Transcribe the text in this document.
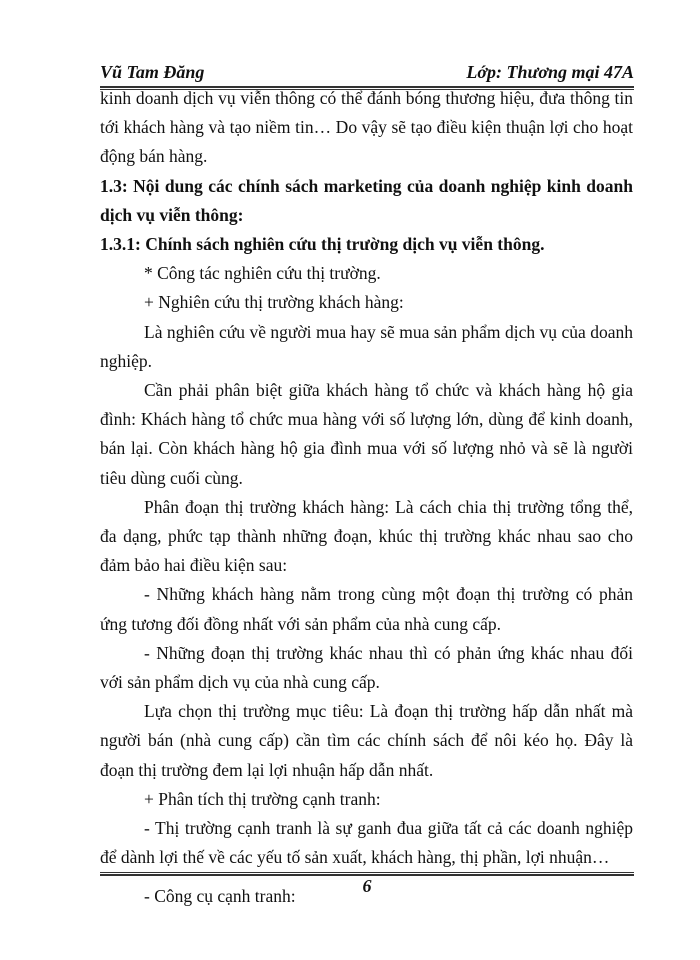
Vũ Tam Đăng	Lớp: Thương mại 47A

kinh doanh dịch vụ viễn thông có thể đánh bóng thương hiệu, đưa thông tin tới khách hàng và tạo niềm tin… Do vậy sẽ tạo điều kiện thuận lợi cho hoạt động bán hàng.

1.3: Nội dung các chính sách marketing của doanh nghiệp kinh doanh dịch vụ viễn thông:

1.3.1: Chính sách nghiên cứu thị trường dịch vụ viễn thông.

* Công tác nghiên cứu thị trường.

+ Nghiên cứu thị trường khách hàng:

Là nghiên cứu về người mua hay sẽ mua sản phẩm dịch vụ của doanh nghiệp.

Cần phải phân biệt giữa khách hàng tổ chức và khách hàng hộ gia đình: Khách hàng tổ chức mua hàng với số lượng lớn, dùng để kinh doanh, bán lại. Còn khách hàng hộ gia đình mua với số lượng nhỏ và sẽ là người tiêu dùng cuối cùng.

Phân đoạn thị trường khách hàng: Là cách chia thị trường tổng thể, đa dạng, phức tạp thành những đoạn, khúc thị trường khác nhau sao cho đảm bảo hai điều kiện sau:

- Những khách hàng nằm trong cùng một đoạn thị trường có phản ứng tương đối đồng nhất với sản phẩm của nhà cung cấp.

- Những đoạn thị trường khác nhau thì có phản ứng khác nhau đối với sản phẩm dịch vụ của nhà cung cấp.

Lựa chọn thị trường mục tiêu: Là đoạn thị trường hấp dẫn nhất mà người bán (nhà cung cấp) cần tìm các chính sách để nôi kéo họ. Đây là đoạn thị trường đem lại lợi nhuận hấp dẫn nhất.

+ Phân tích thị trường cạnh tranh:

- Thị trường cạnh tranh là sự ganh đua giữa tất cả các doanh nghiệp để dành lợi thế về các yếu tố sản xuất, khách hàng, thị phần, lợi nhuận…

- Công cụ cạnh tranh:

6
